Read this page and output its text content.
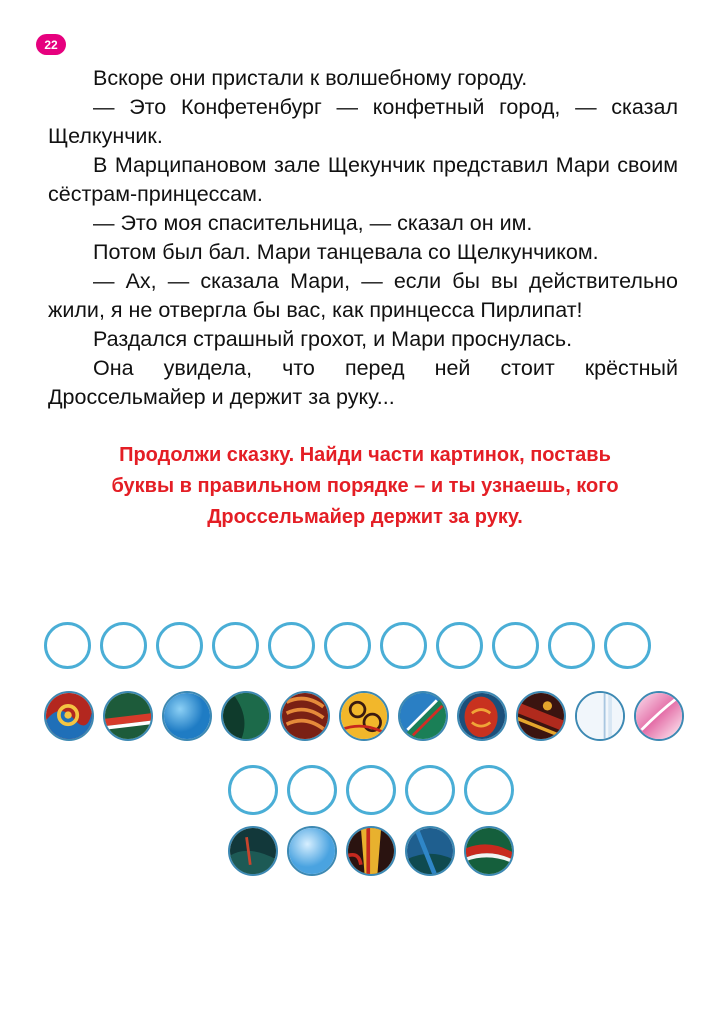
22

Вскоре они пристали к волшебному городу.

— Это Конфетенбург — конфетный город, — сказал Щелкунчик.

В Марципановом зале Щекунчик представил Мари своим сёстрам-принцессам.

— Это моя спасительница, — сказал он им.

Потом был бал. Мари танцевала со Щелкунчиком.

— Ах, — сказала Мари, — если бы вы действительно жили, я не отвергла бы вас, как принцесса Пирлипат!

Раздался страшный грохот, и Мари проснулась.

Она увидела, что перед ней стоит крёстный Дроссельмайер и держит за руку...

Продолжи сказку. Найди части картинок, поставь
буквы в правильном порядке – и ты узнаешь, кого
Дроссельмайер держит за руку.
